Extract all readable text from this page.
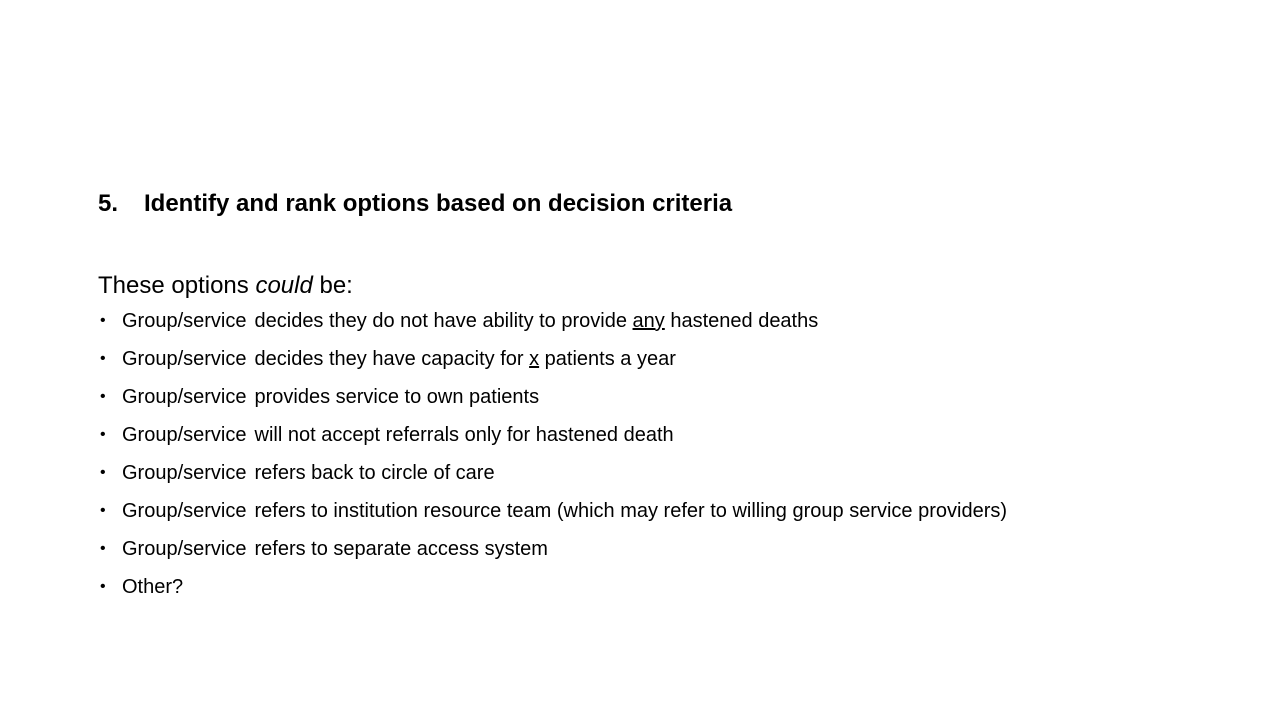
5. Identify and rank options based on decision criteria
These options could be:
• Group/service decides they do not have ability to provide any hastened deaths
• Group/service decides they have capacity for x patients a year
• Group/service provides service to own patients
• Group/service will not accept referrals only for hastened death
• Group/service refers back to circle of care
• Group/service refers to institution resource team (which may refer to willing group service providers)
• Group/service refers to separate access system
• Other?
